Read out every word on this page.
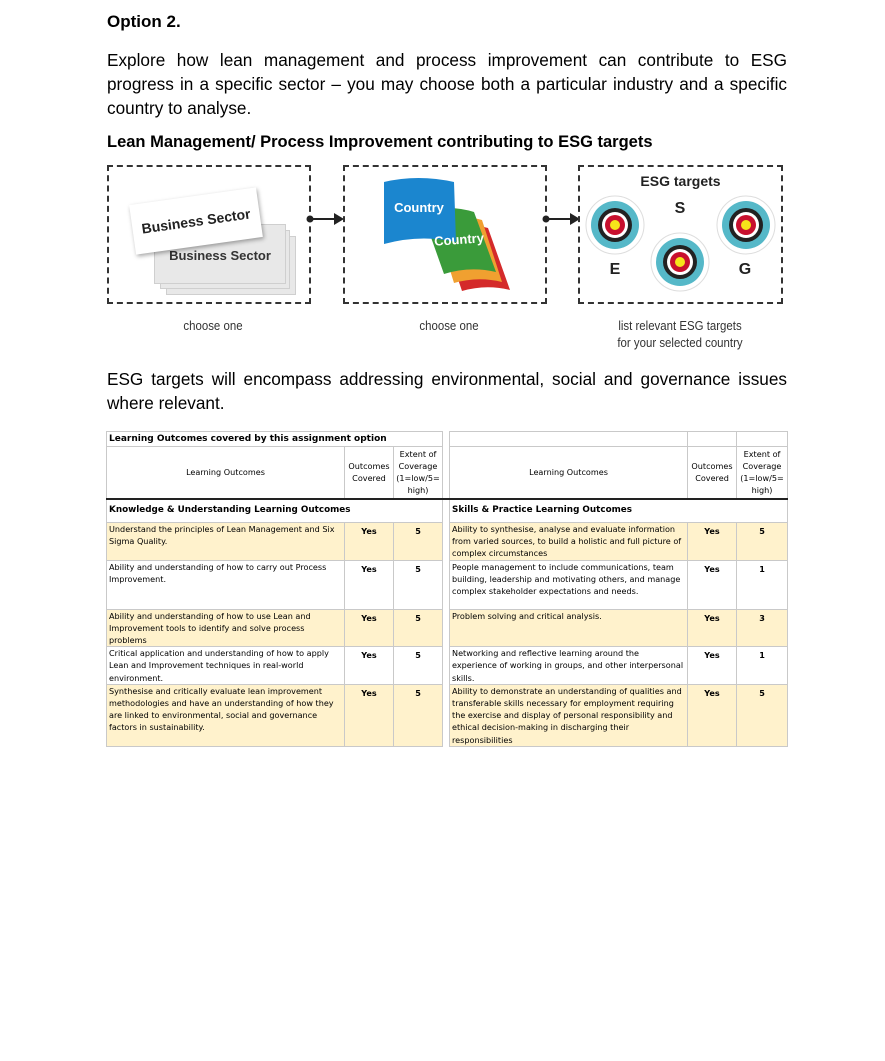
Option 2.
Explore how lean management and process improvement can contribute to ESG progress in a specific sector – you may choose both a particular industry and a specific country to analyse.
Lean Management/ Process Improvement contributing to ESG targets
Business Sector
Business Sector
choose one
Country
Country
choose one
ESG targets
S
E	G
list relevant ESG targets
for your selected country
ESG targets will encompass addressing environmental, social and governance issues where relevant.
Learning Outcomes covered by this assignment option						
Learning Outcomes	Outcomes Covered	Extent of Coverage (1=low/5= high)		Learning Outcomes	Outcomes Covered	Extent of Coverage (1=low/5= high)
Knowledge & Understanding Learning Outcomes				Skills & Practice Learning Outcomes		
Understand the principles of Lean Management and Six Sigma Quality.	Yes	5		Ability to synthesise, analyse and evaluate information from varied sources, to build a holistic and full picture of complex circumstances	Yes	5
Ability and understanding of how to carry out Process Improvement.	Yes	5		People management to include communications, team building, leadership and motivating others, and manage complex stakeholder expectations and needs.	Yes	1
Ability and understanding of how to use Lean and Improvement tools to identify and solve process problems	Yes	5		Problem solving and critical analysis.	Yes	3
Critical application and understanding of how to apply Lean and Improvement techniques in real-world environment.	Yes	5		Networking and reflective learning around the experience of working in groups, and other interpersonal skills.	Yes	1
Synthesise and critically evaluate lean improvement methodologies and have an understanding of how they are linked to environmental, social and governance factors in sustainability.	Yes	5		Ability to demonstrate an understanding of qualities and transferable skills necessary for employment requiring the exercise and display of personal responsibility and ethical decision-making in discharging their responsibilities	Yes	5
